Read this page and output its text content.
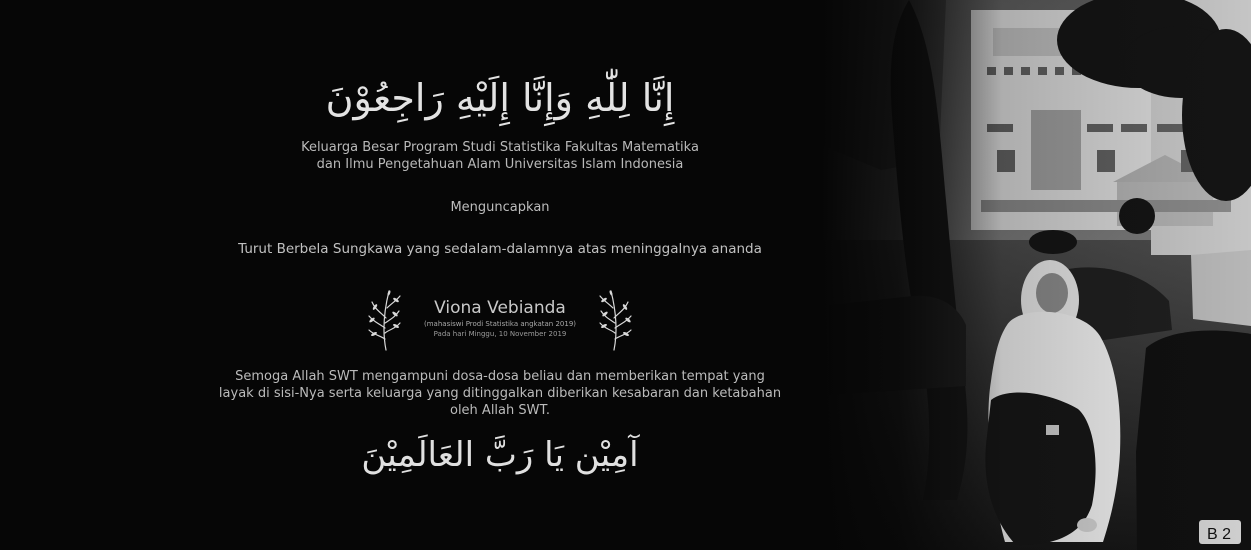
إِنَّا لِلّٰهِ وَإِنَّا إِلَيْهِ رَاجِعُوْنَ
Keluarga Besar Program Studi Statistika Fakultas Matematika
dan Ilmu Pengetahuan Alam Universitas Islam Indonesia
Menguncapkan
Turut Berbela Sungkawa yang sedalam-dalamnya atas meninggalnya ananda
Viona Vebianda
(mahasiswi Prodi Statistika angkatan 2019)
Pada hari Minggu, 10 November 2019
Semoga Allah SWT mengampuni dosa-dosa beliau dan memberikan tempat yang
layak di sisi-Nya serta keluarga yang ditinggalkan diberikan kesabaran dan ketabahan
oleh Allah SWT.
آمِيْن يَا رَبَّ العَالَمِيْنَ
